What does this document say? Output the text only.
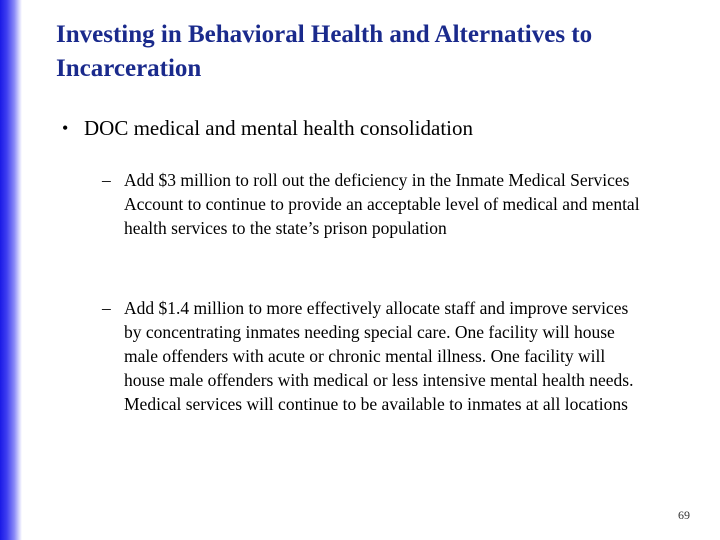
Investing in Behavioral Health and Alternatives to Incarceration
• DOC medical and mental health consolidation
– Add $3 million to roll out the deficiency in the Inmate Medical Services Account to continue to provide an acceptable level of medical and mental health services to the state’s prison population
– Add $1.4 million to more effectively allocate staff and improve services by concentrating inmates needing special care. One facility will house male offenders with acute or chronic mental illness. One facility will house male offenders with medical or less intensive mental health needs. Medical services will continue to be available to inmates at all locations
69
